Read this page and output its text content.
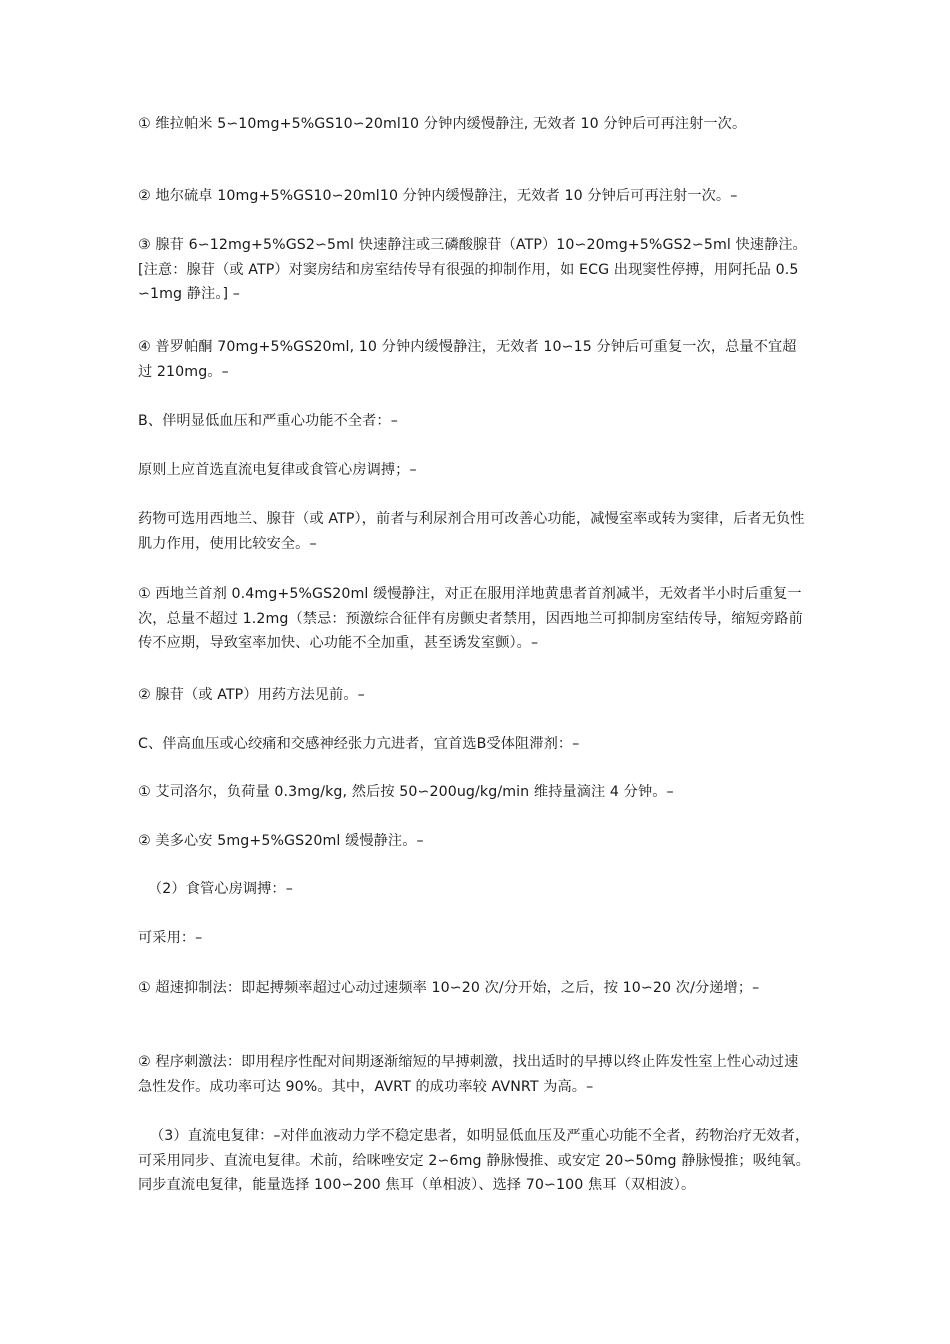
① 维拉帕米 5∽10mg+5%GS10∽20ml10 分钟内缓慢静注, 无效者 10 分钟后可再注射一次。

② 地尔硫卓 10mg+5%GS10∽20ml10 分钟内缓慢静注，无效者 10 分钟后可再注射一次。–

③ 腺苷 6∽12mg+5%GS2∽5ml 快速静注或三磷酸腺苷（ATP）10∽20mg+5%GS2∽5ml 快速静注。 [注意：腺苷（或 ATP）对窦房结和房室结传导有很强的抑制作用，如 ECG 出现窦性停搏，用阿托品 0.5∽1mg 静注。] –

④ 普罗帕酮 70mg+5%GS20ml, 10 分钟内缓慢静注，无效者 10∽15 分钟后可重复一次，总量不宜超过 210mg。–

B、伴明显低血压和严重心功能不全者：–

原则上应首选直流电复律或食管心房调搏；–

药物可选用西地兰、腺苷（或 ATP），前者与利尿剂合用可改善心功能，减慢室率或转为窦律，后者无负性肌力作用，使用比较安全。–

① 西地兰首剂 0.4mg+5%GS20ml 缓慢静注，对正在服用洋地黄患者首剂减半，无效者半小时后重复一次，总量不超过 1.2mg（禁忌：预激综合征伴有房颤史者禁用，因西地兰可抑制房室结传导，缩短旁路前传不应期，导致室率加快、心功能不全加重，甚至诱发室颤）。–

② 腺苷（或 ATP）用药方法见前。–

C、伴高血压或心绞痛和交感神经张力亢进者，宜首选Β受体阻滞剂：–

① 艾司洛尔，负荷量 0.3mg/kg, 然后按 50∽200ug/kg/min 维持量滴注 4 分钟。–

② 美多心安 5mg+5%GS20ml 缓慢静注。–

（2）食管心房调搏：–

可采用：–

① 超速抑制法：即起搏频率超过心动过速频率 10∽20 次/分开始，之后，按 10∽20 次/分递增；–

② 程序刺激法：即用程序性配对间期逐渐缩短的早搏刺激，找出适时的早搏以终止阵发性室上性心动过速急性发作。成功率可达 90%。其中，AVRT 的成功率较 AVNRT 为高。–

（3）直流电复律：–对伴血液动力学不稳定患者，如明显低血压及严重心功能不全者，药物治疗无效者，可采用同步、直流电复律。术前，给咪唑安定 2∽6mg 静脉慢推、或安定 20∽50mg 静脉慢推；吸纯氧。同步直流电复律，能量选择 100∽200 焦耳（单相波）、选择 70∽100 焦耳（双相波）。
